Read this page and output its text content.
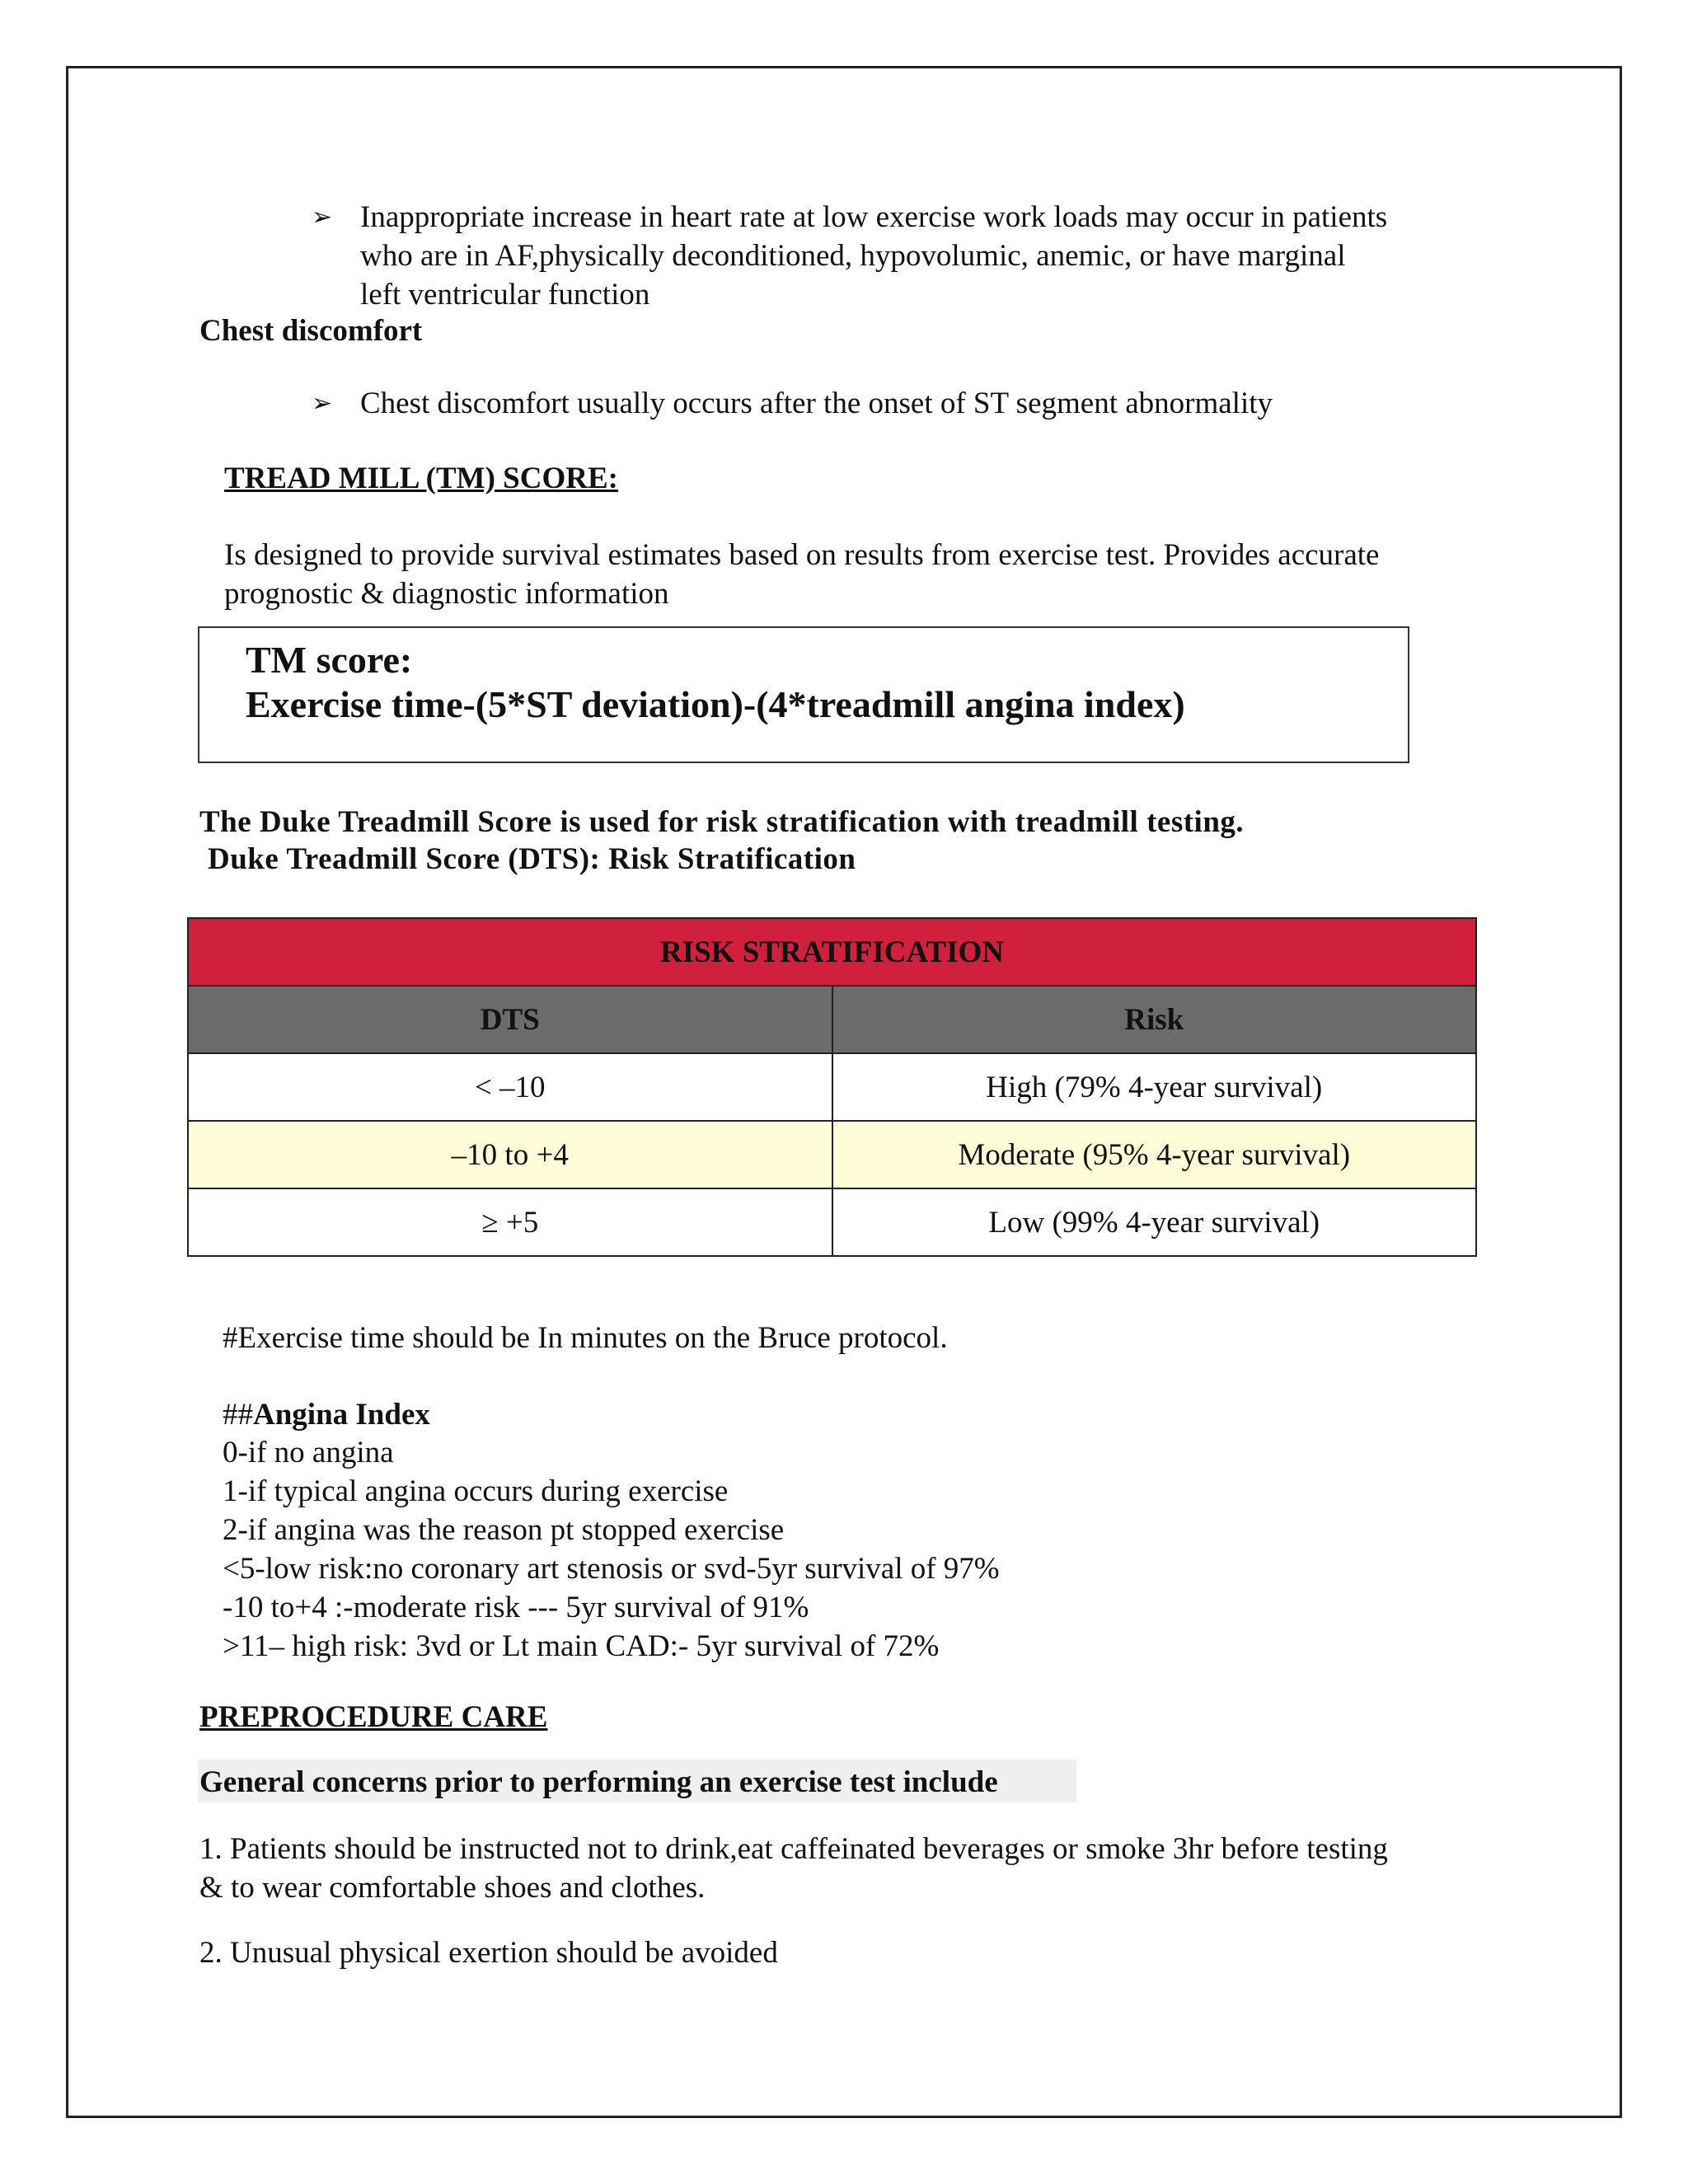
➢ Inappropriate increase in heart rate at low exercise work loads may occur in patients
who are in AF,physically deconditioned, hypovolumic, anemic, or have marginal
left ventricular function
Chest discomfort
➢ Chest discomfort usually occurs after the onset of ST segment abnormality
TREAD MILL (TM) SCORE:
Is designed to provide survival estimates based on results from exercise test. Provides accurate
prognostic & diagnostic information
TM score:
Exercise time-(5*ST deviation)-(4*treadmill angina index)
The Duke Treadmill Score is used for risk stratification with treadmill testing.
Duke Treadmill Score (DTS): Risk Stratification
RISK STRATIFICATION	
DTS	Risk
< –10	High (79% 4-year survival)
–10 to +4	Moderate (95% 4-year survival)
≥ +5	Low (99% 4-year survival)
#Exercise time should be In minutes on the Bruce protocol.
##Angina Index
0-if no angina
1-if typical angina occurs during exercise
2-if angina was the reason pt stopped exercise
<5-low risk:no coronary art stenosis or svd-5yr survival of 97%
-10 to+4 :-moderate risk --- 5yr survival of 91%
>11– high risk: 3vd or Lt main CAD:- 5yr survival of 72%
PREPROCEDURE CARE
General concerns prior to performing an exercise test include
1. Patients should be instructed not to drink,eat caffeinated beverages or smoke 3hr before testing
& to wear comfortable shoes and clothes.
2. Unusual physical exertion should be avoided
